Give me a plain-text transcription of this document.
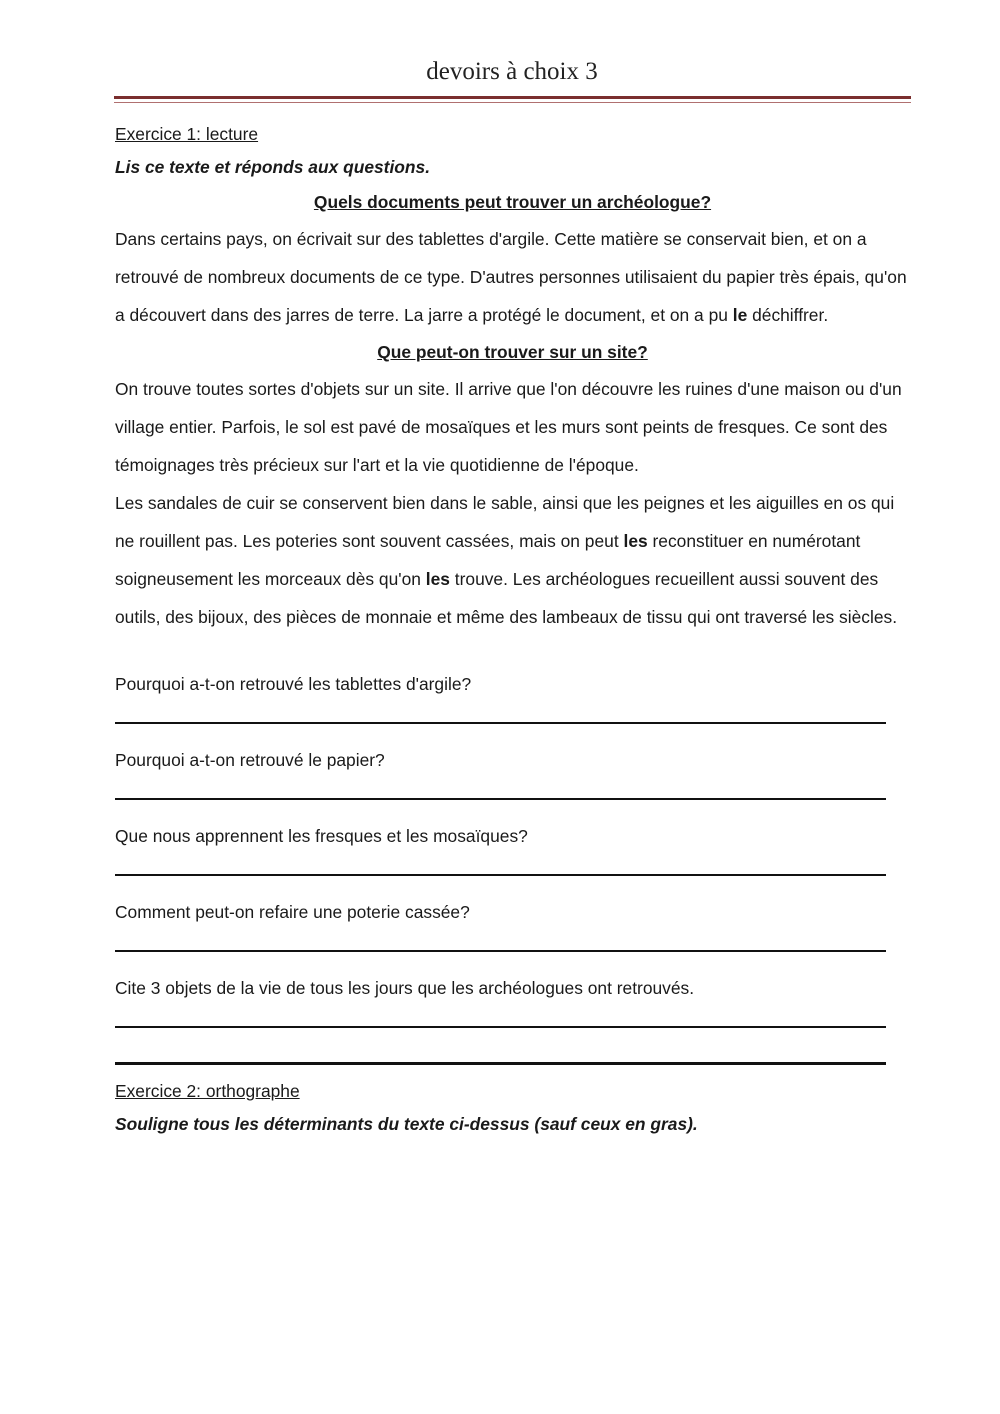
devoirs à choix 3
Exercice 1: lecture
Lis ce texte et réponds aux questions.
Quels documents peut trouver un archéologue?

Dans certains pays, on écrivait sur des tablettes d'argile. Cette matière se conservait bien, et on a retrouvé de nombreux documents de ce type. D'autres personnes utilisaient du papier très épais, qu'on a découvert dans des jarres de terre. La jarre a protégé le document, et on a pu le déchiffrer.

Que peut-on trouver sur un site?

On trouve toutes sortes d'objets sur un site. Il arrive que l'on découvre les ruines d'une maison ou d'un village entier. Parfois, le sol est pavé de mosaïques et les murs sont peints de fresques. Ce sont des témoignages très précieux sur l'art et la vie quotidienne de l'époque.

Les sandales de cuir se conservent bien dans le sable, ainsi que les peignes et les aiguilles en os qui ne rouillent pas. Les poteries sont souvent cassées, mais on peut les reconstituer en numérotant soigneusement les morceaux dès qu'on les trouve. Les archéologues recueillent aussi souvent des outils, des bijoux, des pièces de monnaie et même des lambeaux de tissu qui ont traversé les siècles.

Pourquoi a-t-on retrouvé les tablettes d'argile?
Pourquoi a-t-on retrouvé le papier?
Que nous apprennent les fresques et les mosaïques?
Comment peut-on refaire une poterie cassée?
Cite 3 objets de la vie de tous les jours que les archéologues ont retrouvés.
Exercice 2: orthographe
Souligne tous les déterminants du texte ci-dessus (sauf ceux en gras).
